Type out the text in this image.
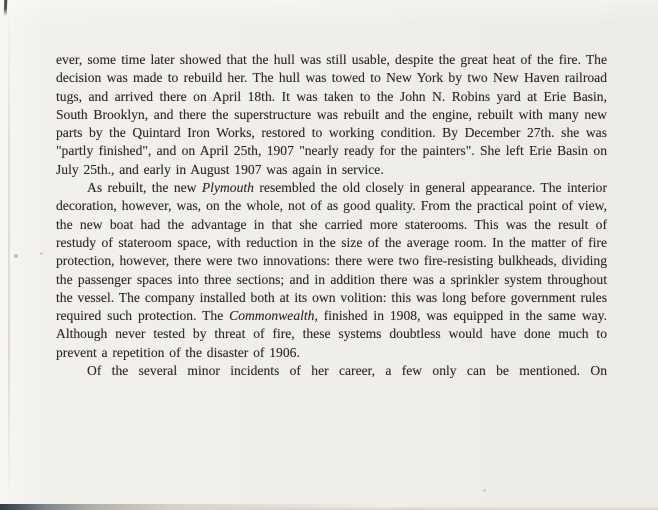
ever, some time later showed that the hull was still usable, despite the great heat of the fire. The decision was made to rebuild her. The hull was towed to New York by two New Haven railroad tugs, and arrived there on April 18th. It was taken to the John N. Robins yard at Erie Basin, South Brooklyn, and there the superstructure was rebuilt and the engine, rebuilt with many new parts by the Quintard Iron Works, restored to working condition. By December 27th. she was "partly finished", and on April 25th, 1907 "nearly ready for the painters". She left Erie Basin on July 25th., and early in August 1907 was again in service.

As rebuilt, the new Plymouth resembled the old closely in general appearance. The interior decoration, however, was, on the whole, not of as good quality. From the practical point of view, the new boat had the advantage in that she carried more staterooms. This was the result of restudy of stateroom space, with reduction in the size of the average room. In the matter of fire protection, however, there were two innovations: there were two fire-resisting bulkheads, dividing the passenger spaces into three sections; and in addition there was a sprinkler system throughout the vessel. The company installed both at its own volition: this was long before government rules required such protection. The Commonwealth, finished in 1908, was equipped in the same way. Although never tested by threat of fire, these systems doubtless would have done much to prevent a repetition of the disaster of 1906.

Of the several minor incidents of her career, a few only can be mentioned. On
